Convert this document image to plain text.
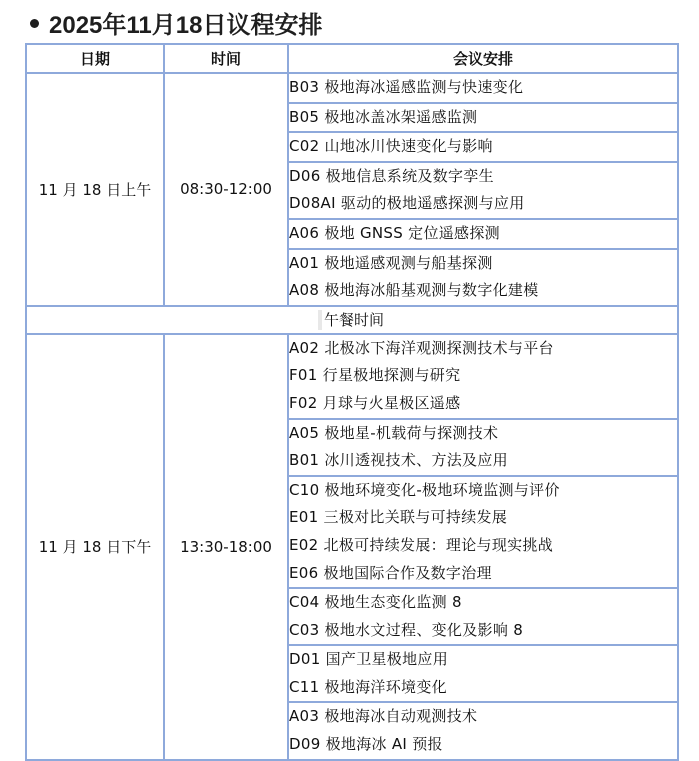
2025年11月18日议程安排
日期	时间	会议安排
11 月 18 日上午	08:30-12:00	B03 极地海冰遥感监测与快速变化

		B05 极地冰盖冰架遥感监测

		C02 山地冰川快速变化与影响

		D06 极地信息系统及数字孪生
D08AI 驱动的极地遥感探测与应用

		A06 极地 GNSS 定位遥感探测

		A01 极地遥感观测与船基探测
A08 极地海冰船基观测与数字化建模

午餐时间		

11 月 18 日下午	13:30-18:00	A02 北极冰下海洋观测探测技术与平台
F01 行星极地探测与研究
F02 月球与火星极区遥感

		A05 极地星-机载荷与探测技术
B01 冰川透视技术、方法及应用

		C10 极地环境变化-极地环境监测与评价
E01 三极对比关联与可持续发展
E02 北极可持续发展：理论与现实挑战
E06 极地国际合作及数字治理

		C04 极地生态变化监测 8
C03 极地水文过程、变化及影响 8

		D01 国产卫星极地应用
C11 极地海洋环境变化

		A03 极地海冰自动观测技术
D09 极地海冰 AI 预报
